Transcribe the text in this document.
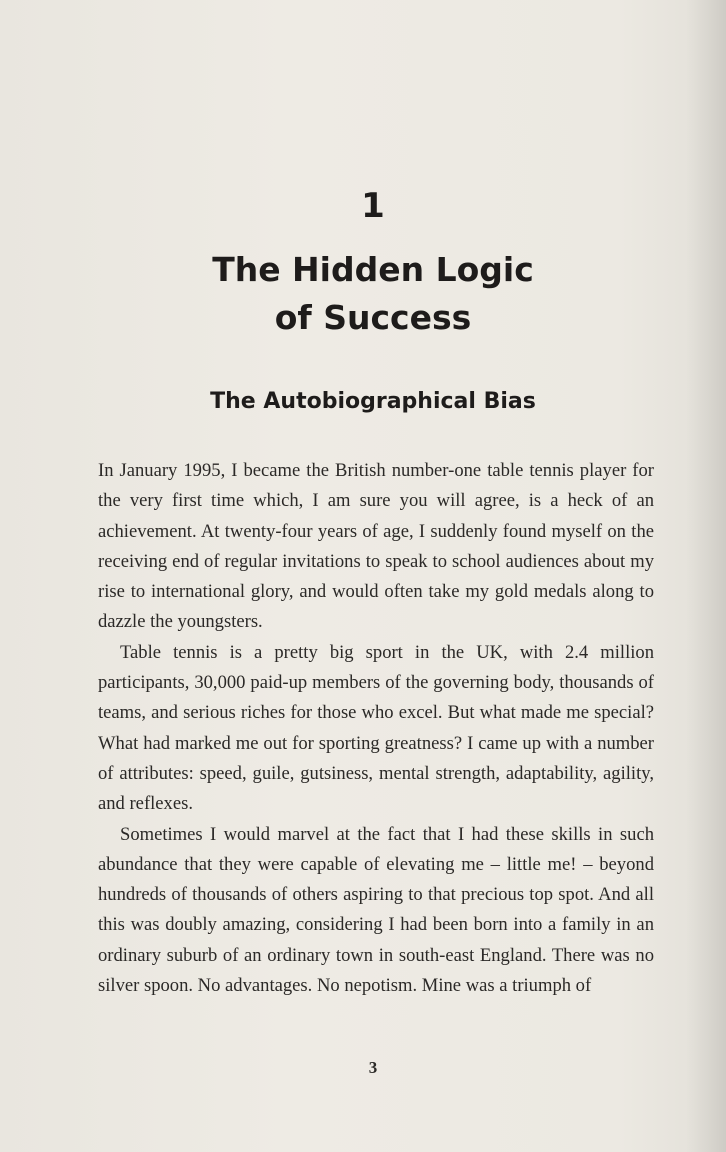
1
The Hidden Logic
of Success
The Autobiographical Bias

In January 1995, I became the British number-one table tennis player for the very first time which, I am sure you will agree, is a heck of an achievement. At twenty-four years of age, I suddenly found myself on the receiving end of regular invitations to speak to school audiences about my rise to international glory, and would often take my gold medals along to dazzle the youngsters.

Table tennis is a pretty big sport in the UK, with 2.4 million participants, 30,000 paid-up members of the governing body, thousands of teams, and serious riches for those who excel. But what made me special? What had marked me out for sporting greatness? I came up with a number of attributes: speed, guile, gutsiness, mental strength, adaptability, agility, and reflexes.

Sometimes I would marvel at the fact that I had these skills in such abundance that they were capable of elevating me – little me! – beyond hundreds of thousands of others aspiring to that precious top spot. And all this was doubly amazing, considering I had been born into a family in an ordinary suburb of an ordinary town in south-east England. There was no silver spoon. No advantages. No nepotism. Mine was a triumph of

3
